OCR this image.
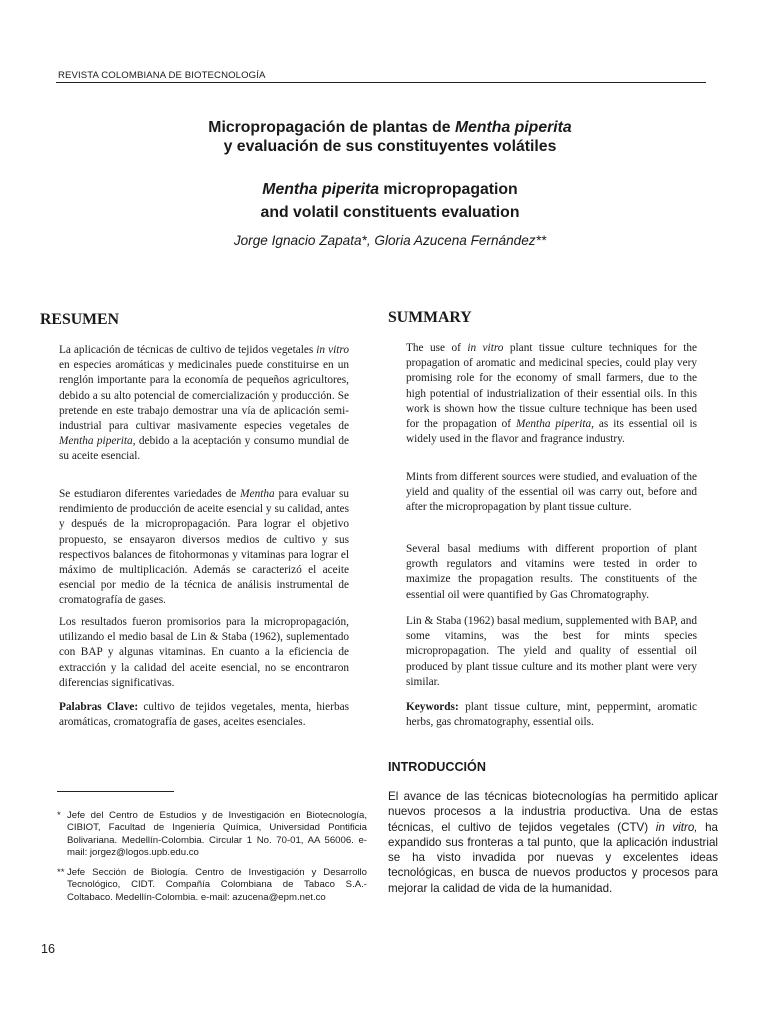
REVISTA COLOMBIANA DE BIOTECNOLOGÍA
Micropropagación de plantas de Mentha piperita
y evaluación de sus constituyentes volátiles
Mentha piperita micropropagation
and volatil constituents evaluation
Jorge Ignacio Zapata*, Gloria Azucena Fernández**
RESUMEN	SUMMARY

La aplicación de técnicas de cultivo de tejidos vegetales in vitro en especies aromáticas y medicinales puede constituirse en un renglón importante para la economía de pequeños agricultores, debido a su alto potencial de comercialización y producción. Se pretende en este trabajo demostrar una vía de aplicación semi-industrial para cultivar masivamente especies vegetales de Mentha piperita, debido a la aceptación y consumo mundial de su aceite esencial.

Se estudiaron diferentes variedades de Mentha para evaluar su rendimiento de producción de aceite esencial y su calidad, antes y después de la micropropagación. Para lograr el objetivo propuesto, se ensayaron diversos medios de cultivo y sus respectivos balances de fitohormonas y vitaminas para lograr el máximo de multiplicación. Además se caracterizó el aceite esencial por medio de la técnica de análisis instrumental de cromatografía de gases.

Los resultados fueron promisorios para la micropropagación, utilizando el medio basal de Lin & Staba (1962), suplementado con BAP y algunas vitaminas. En cuanto a la eficiencia de extracción y la calidad del aceite esencial, no se encontraron diferencias significativas.

Palabras Clave: cultivo de tejidos vegetales, menta, hierbas aromáticas, cromatografía de gases, aceites esenciales.

The use of in vitro plant tissue culture techniques for the propagation of aromatic and medicinal species, could play very promising role for the economy of small farmers, due to the high potential of industrialization of their essential oils. In this work is shown how the tissue culture technique has been used for the propagation of Mentha piperita, as its essential oil is widely used in the flavor and fragrance industry.

Mints from different sources were studied, and evaluation of the yield and quality of the essential oil was carry out, before and after the micropropagation by plant tissue culture.

Several basal mediums with different proportion of plant growth regulators and vitamins were tested in order to maximize the propagation results. The constituents of the essential oil were quantified by Gas Chromatography.

Lin & Staba (1962) basal medium, supplemented with BAP, and some vitamins, was the best for mints species micropropagation. The yield and quality of essential oil produced by plant tissue culture and its mother plant were very similar.

Keywords: plant tissue culture, mint, peppermint, aromatic herbs, gas chromatography, essential oils.

INTRODUCCIÓN
El avance de las técnicas biotecnologías ha permitido aplicar nuevos procesos a la industria productiva. Una de estas técnicas, el cultivo de tejidos vegetales (CTV) in vitro, ha expandido sus fronteras a tal punto, que la aplicación industrial se ha visto invadida por nuevas y excelentes ideas tecnológicas, en busca de nuevos productos y procesos para mejorar la calidad de vida de la humanidad.
* Jefe del Centro de Estudios y de Investigación en Biotecnología, CIBIOT, Facultad de Ingeniería Química, Universidad Pontificia Bolivariana. Medellín-Colombia. Circular 1 No. 70-01, AA 56006. e-mail: jorgez@logos.upb.edu.co
** Jefe Sección de Biología. Centro de Investigación y Desarrollo Tecnológico, CIDT. Compañía Colombiana de Tabaco S.A.- Coltabaco. Medellín-Colombia. e-mail: azucena@epm.net.co
16
